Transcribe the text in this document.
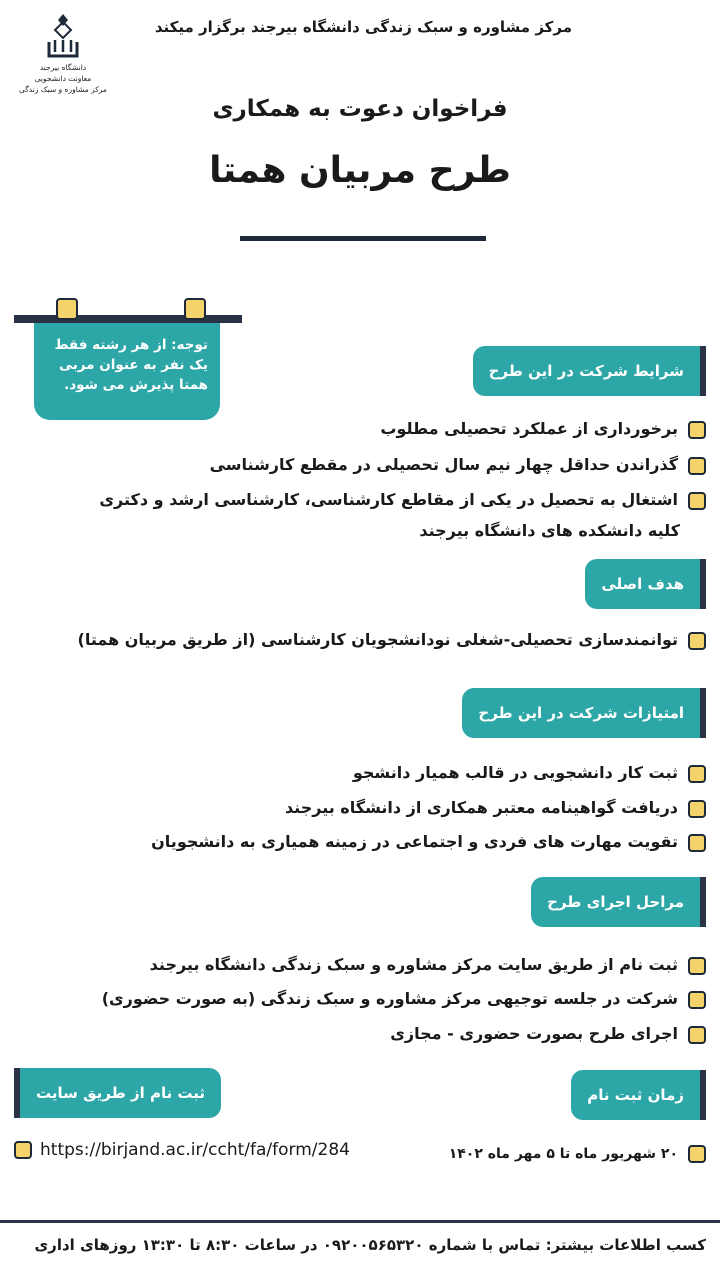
مرکز مشاوره و سبک زندگی دانشگاه بیرجند برگزار میکند
دانشگاه بیرجند
معاونت دانشجویی
مرکز مشاوره و سبک زندگی
فراخوان دعوت به همکاری
طرح مربیان همتا
توجه: از هر رشته فقط یک نفر به عنوان مربی همتا پذیرش می شود.
شرایط شرکت در این طرح
برخورداری از عملکرد تحصیلی مطلوب
گذراندن حداقل چهار نیم سال تحصیلی در مقطع کارشناسی
اشتغال به تحصیل در یکی از مقاطع کارشناسی، کارشناسی ارشد و دکتری
کلیه دانشکده های دانشگاه بیرجند
هدف اصلی
توانمندسازی تحصیلی-شغلی نودانشجویان کارشناسی (از طریق مربیان همتا)
امتیازات شرکت در این طرح
ثبت کار دانشجویی در قالب همیار دانشجو
دریافت گواهینامه معتبر همکاری از دانشگاه بیرجند
تقویت مهارت های فردی و اجتماعی در زمینه همیاری به دانشجویان
مراحل اجرای طرح
ثبت نام از طریق سایت مرکز مشاوره و سبک زندگی دانشگاه بیرجند
شرکت در جلسه توجیهی مرکز مشاوره و سبک زندگی (به صورت حضوری)
اجرای طرح بصورت حضوری - مجازی
زمان ثبت نام
ثبت نام از طریق سایت
۲۰ شهریور ماه تا ۵ مهر ماه ۱۴۰۲
https://birjand.ac.ir/ccht/fa/form/284
کسب اطلاعات بیشتر: تماس با شماره ۰۹۲۰۰۵۶۵۳۲۰ در ساعات ۸:۳۰ تا ۱۳:۳۰ روزهای اداری
